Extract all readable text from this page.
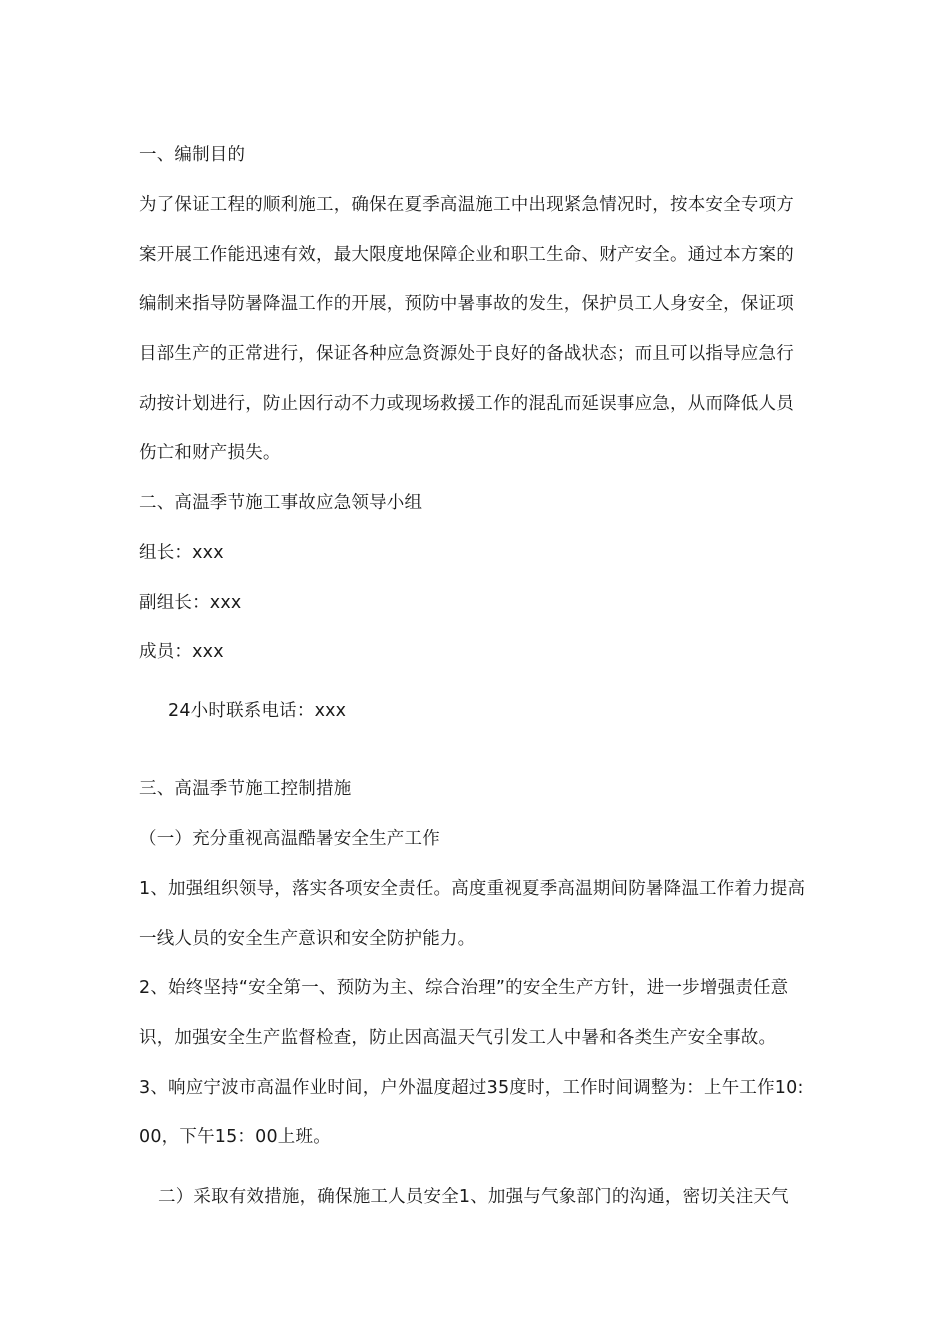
一、编制目的
为了保证工程的顺利施工，确保在夏季高温施工中出现紧急情况时，按本安全专项方
案开展工作能迅速有效，最大限度地保障企业和职工生命、财产安全。通过本方案的
编制来指导防暑降温工作的开展，预防中暑事故的发生，保护员工人身安全，保证项
目部生产的正常进行，保证各种应急资源处于良好的备战状态；而且可以指导应急行
动按计划进行，防止因行动不力或现场救援工作的混乱而延误事应急，从而降低人员
伤亡和财产损失。
二、高温季节施工事故应急领导小组
组长：xxx
副组长：xxx
成员：xxx
24小时联系电话：xxx
三、高温季节施工控制措施
（一）充分重视高温酷暑安全生产工作
1、加强组织领导，落实各项安全责任。高度重视夏季高温期间防暑降温工作着力提高
一线人员的安全生产意识和安全防护能力。
2、始终坚持“安全第一、预防为主、综合治理”的安全生产方针，进一步增强责任意
识，加强安全生产监督检查，防止因高温天气引发工人中暑和各类生产安全事故。
3、响应宁波市高温作业时间，户外温度超过35度时，工作时间调整为：上午工作10:
00，下午15：00上班。
二）采取有效措施，确保施工人员安全1、加强与气象部门的沟通，密切关注天气
